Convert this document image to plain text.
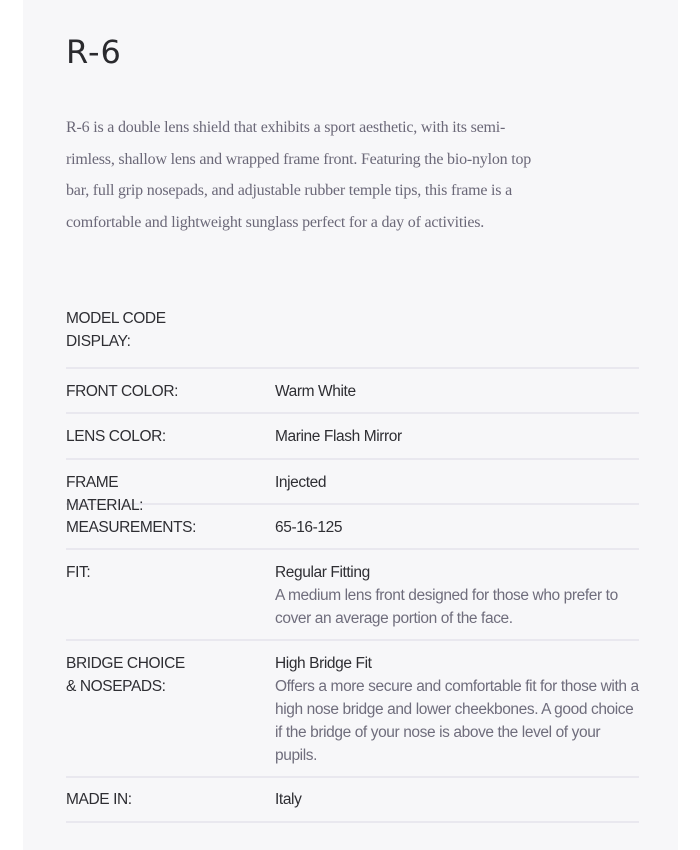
R-6

R-6 is a double lens shield that exhibits a sport aesthetic, with its semi-rimless, shallow lens and wrapped frame front. Featuring the bio-nylon top bar, full grip nosepads, and adjustable rubber temple tips, this frame is a comfortable and lightweight sunglass perfect for a day of activities.

MODEL CODE DISPLAY:
FRONT COLOR:	Warm White
LENS COLOR:	Marine Flash Mirror
FRAME MATERIAL:
Injected
MEASUREMENTS:	65-16-125
FIT:	Regular Fitting
A medium lens front designed for those who prefer to cover an average portion of the face.
BRIDGE CHOICE & NOSEPADS:
High Bridge Fit
Offers a more secure and comfortable fit for those with a high nose bridge and lower cheekbones. A good choice if the bridge of your nose is above the level of your pupils.
MADE IN:	Italy
